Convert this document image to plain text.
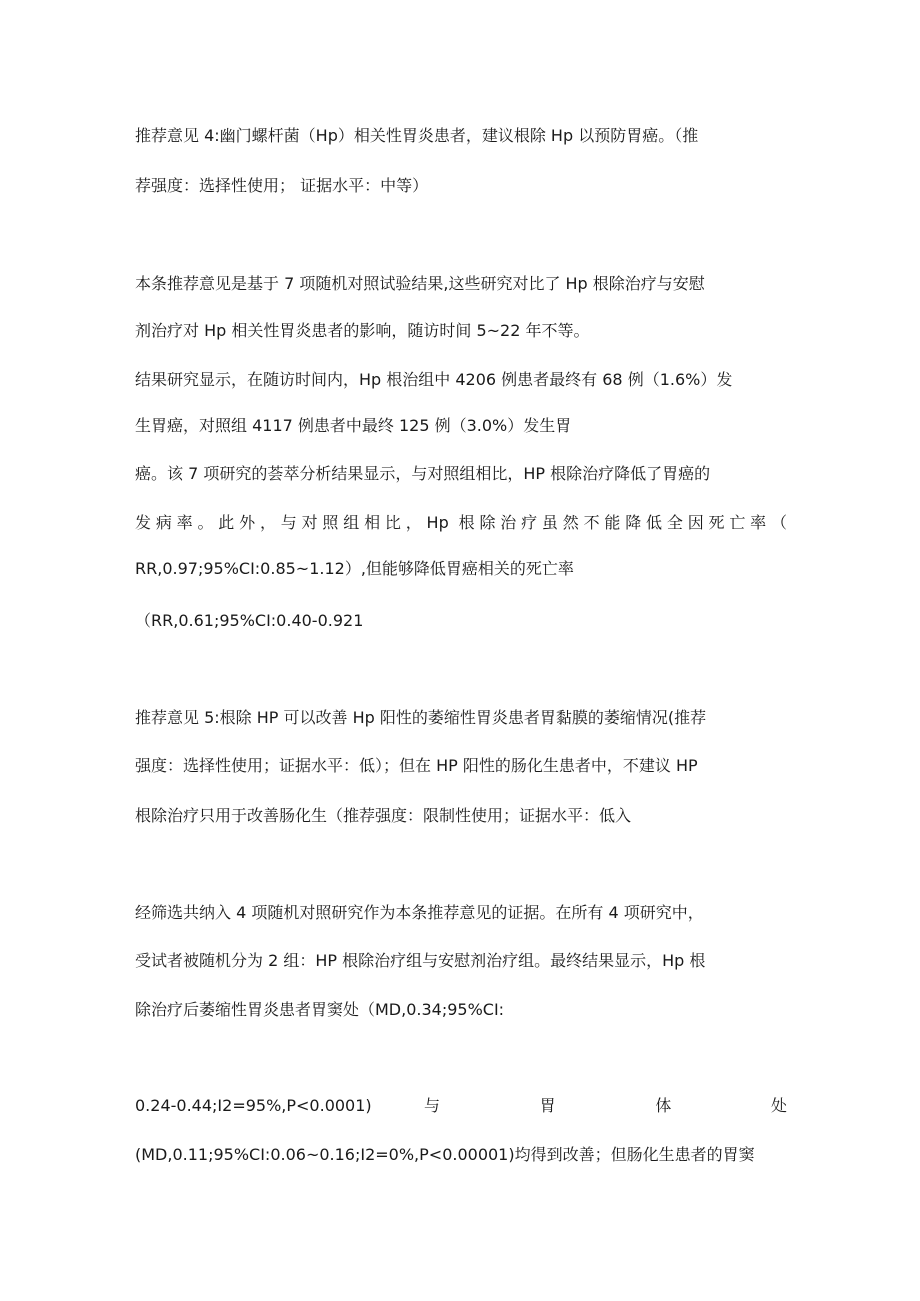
推荐意见 4:幽门螺杆菌（Hp）相关性胃炎患者，建议根除 Hp 以预防胃癌。（推
荐强度：选择性使用； 证据水平：中等）
本条推荐意见是基于 7 项随机对照试验结果,这些研究对比了 Hp 根除治疗与安慰
剂治疗对 Hp 相关性胃炎患者的影响，随访时间 5~22 年不等。
结果研究显示，在随访时间内，Hp 根治组中 4206 例患者最终有 68 例（1.6%）发
生胃癌，对照组 4117 例患者中最终 125 例（3.0%）发生胃
癌。该 7 项研究的荟萃分析结果显示，与对照组相比，HP 根除治疗降低了胃癌的
发病率。此外，与对照组相比，Hp 根除治疗虽然不能降低全因死亡率（
RR,0.97;95%CI:0.85~1.12）,但能够降低胃癌相关的死亡率
（RR,0.61;95%CI:0.40-0.921
推荐意见 5:根除 HP 可以改善 Hp 阳性的萎缩性胃炎患者胃黏膜的萎缩情况(推荐
强度：选择性使用；证据水平：低）；但在 HP 阳性的肠化生患者中，不建议 HP
根除治疗只用于改善肠化生（推荐强度：限制性使用；证据水平：低入
经筛选共纳入 4 项随机对照研究作为本条推荐意见的证据。在所有 4 项研究中，
受试者被随机分为 2 组：HP 根除治疗组与安慰剂治疗组。最终结果显示，Hp 根
除治疗后萎缩性胃炎患者胃窦处（MD,0.34;95%CI:
0.24-0.44;I2=95%,P<0.0001) 与 胃 体 处
(MD,0.11;95%CI:0.06~0.16;I2=0%,P<0.00001)均得到改善；但肠化生患者的胃窦
